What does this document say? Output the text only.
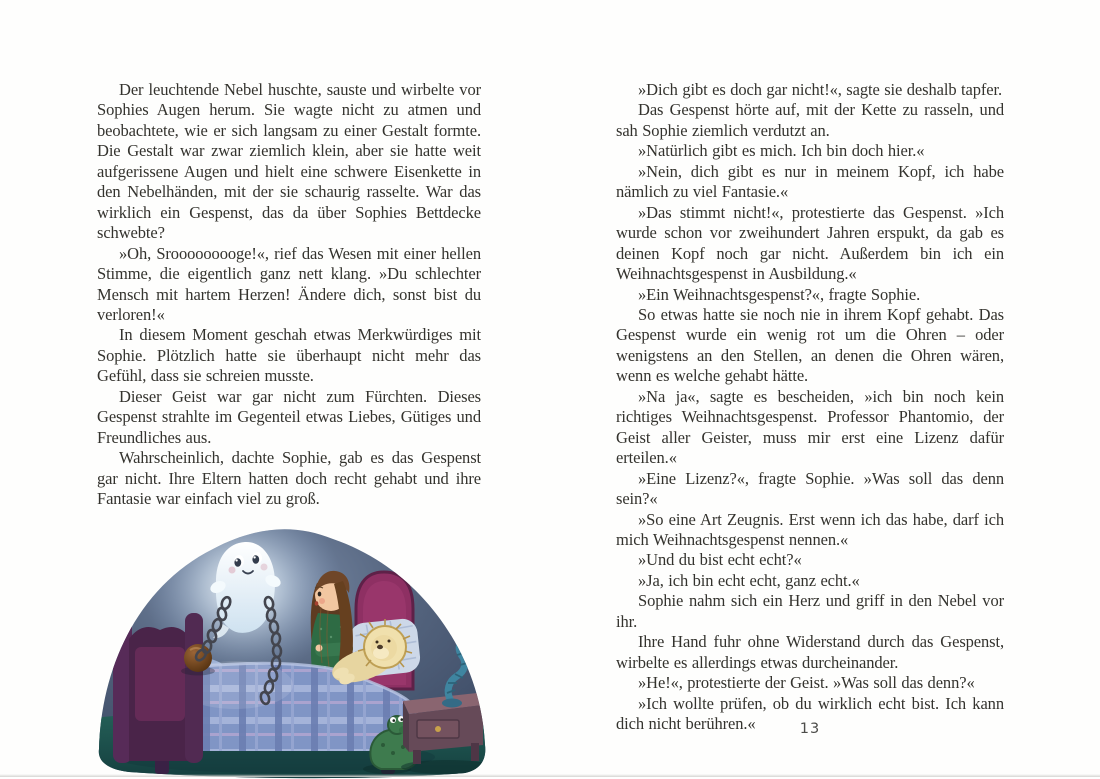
Der leuchtende Nebel huschte, sauste und wirbelte vor Sophies Augen herum. Sie wagte nicht zu atmen und beobachtete, wie er sich langsam zu einer Gestalt formte. Die Gestalt war zwar ziemlich klein, aber sie hatte weit aufgerissene Augen und hielt eine schwere Eisenkette in den Nebelhänden, mit der sie schaurig rasselte. War das wirklich ein Gespenst, das da über Sophies Bettdecke schwebte?

»Oh, Srooooooooge!«, rief das Wesen mit einer hellen Stimme, die eigentlich ganz nett klang. »Du schlechter Mensch mit hartem Herzen! Ändere dich, sonst bist du verloren!«

In diesem Moment geschah etwas Merkwürdiges mit Sophie. Plötzlich hatte sie überhaupt nicht mehr das Gefühl, dass sie schreien musste.

Dieser Geist war gar nicht zum Fürchten. Dieses Gespenst strahlte im Gegenteil etwas Liebes, Gütiges und Freundliches aus.

Wahrscheinlich, dachte Sophie, gab es das Gespenst gar nicht. Ihre Eltern hatten doch recht gehabt und ihre Fantasie war einfach viel zu groß.

»Dich gibt es doch gar nicht!«, sagte sie deshalb tapfer.

Das Gespenst hörte auf, mit der Kette zu rasseln, und sah Sophie ziemlich verdutzt an.

»Natürlich gibt es mich. Ich bin doch hier.«

»Nein, dich gibt es nur in meinem Kopf, ich habe nämlich zu viel Fantasie.«

»Das stimmt nicht!«, protestierte das Gespenst. »Ich wurde schon vor zweihundert Jahren erspukt, da gab es deinen Kopf noch gar nicht. Außerdem bin ich ein Weihnachtsgespenst in Ausbildung.«

»Ein Weihnachtsgespenst?«, fragte Sophie.

So etwas hatte sie noch nie in ihrem Kopf gehabt. Das Gespenst wurde ein wenig rot um die Ohren – oder wenigstens an den Stellen, an denen die Ohren wären, wenn es welche gehabt hätte.

»Na ja«, sagte es bescheiden, »ich bin noch kein richtiges Weihnachtsgespenst. Professor Phantomio, der Geist aller Geister, muss mir erst eine Lizenz dafür erteilen.«

»Eine Lizenz?«, fragte Sophie. »Was soll das denn sein?«

»So eine Art Zeugnis. Erst wenn ich das habe, darf ich mich Weihnachtsgespenst nennen.«

»Und du bist echt echt?«

»Ja, ich bin echt echt, ganz echt.«

Sophie nahm sich ein Herz und griff in den Nebel vor ihr.

Ihre Hand fuhr ohne Widerstand durch das Gespenst, wirbelte es allerdings etwas durcheinander.

»He!«, protestierte der Geist. »Was soll das denn?«

»Ich wollte prüfen, ob du wirklich echt bist. Ich kann dich nicht berühren.«	13
